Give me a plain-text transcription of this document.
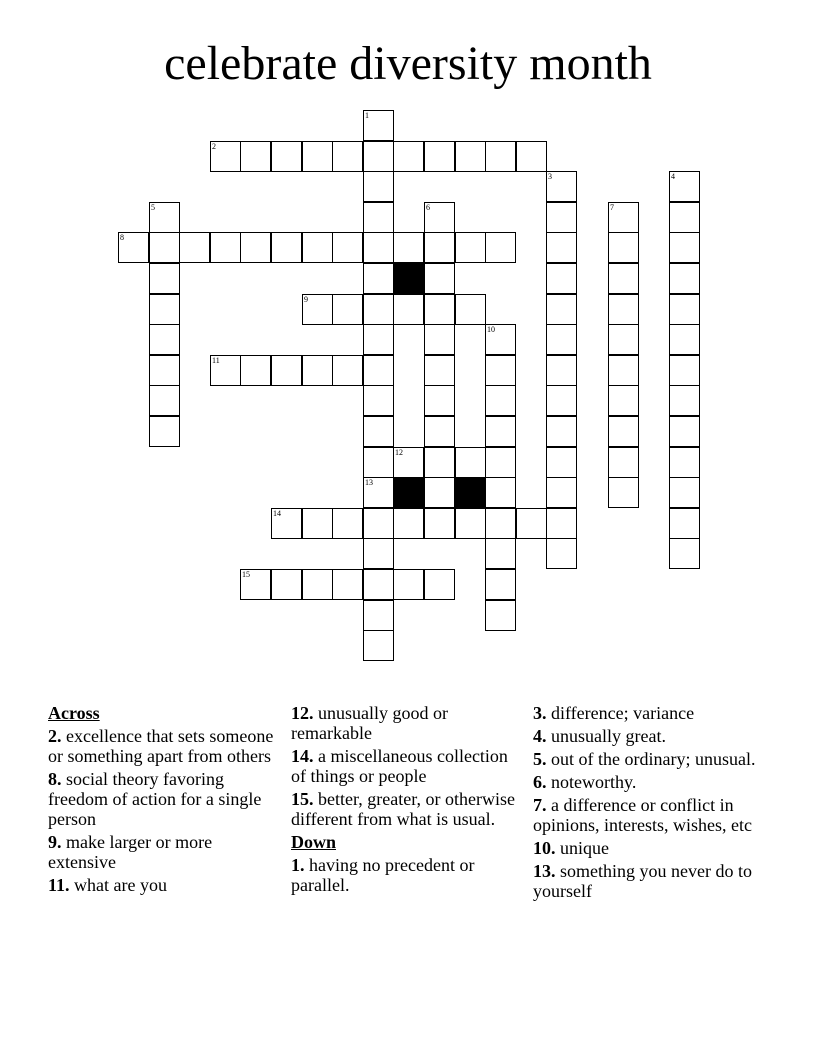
celebrate diversity month
2
8
9
11
12
14
15
1
13
3	4
5	6	7
10
Across
2. excellence that sets someone or something apart from others
8. social theory favoring freedom of action for a single person
9. make larger or more extensive
11. what are you
12. unusually good or remarkable
14. a miscellaneous collection of things or people
15. better, greater, or otherwise different from what is usual.
Down
1. having no precedent or parallel.
3. difference; variance
4. unusually great.
5. out of the ordinary; unusual.
6. noteworthy.
7. a difference or conflict in opinions, interests, wishes, etc
10. unique
13. something you never do to yourself
